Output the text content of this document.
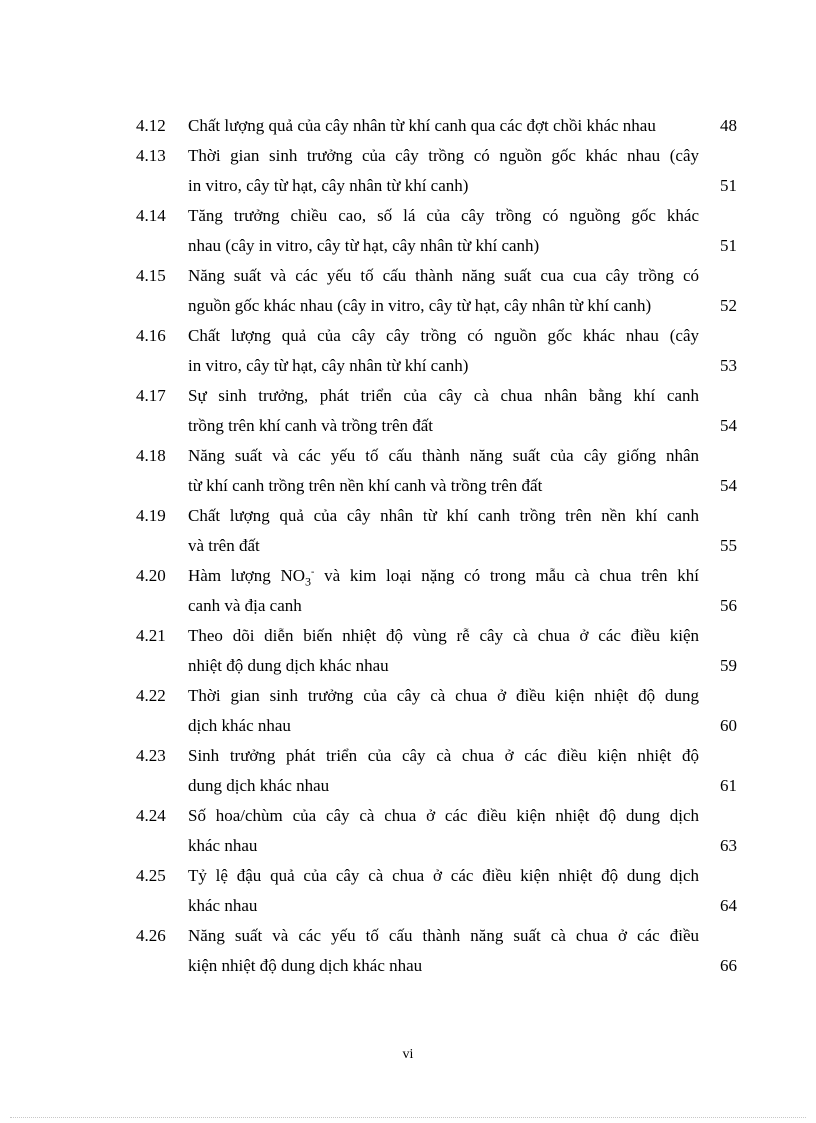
4.12 Chất lượng quả của cây nhân từ khí canh qua các đợt chồi khác nhau	48
4.13 Thời gian sinh trưởng của cây trồng có nguồn gốc khác nhau (cây
in vitro, cây từ hạt, cây nhân từ khí canh)	51
4.14 Tăng trưởng chiều cao, số lá của cây trồng có nguồng gốc khác
nhau (cây in vitro, cây từ hạt, cây nhân từ khí canh)	51
4.15 Năng suất và các yếu tố cấu thành năng suất cua cua cây trồng có
nguồn gốc khác nhau (cây in vitro, cây từ hạt, cây nhân từ khí canh)	52
4.16 Chất lượng quả của cây cây trồng có nguồn gốc khác nhau (cây
in vitro, cây từ hạt, cây nhân từ khí canh)	53
4.17 Sự sinh trưởng, phát triển của cây cà chua nhân bằng khí canh
trồng trên khí canh và trồng trên đất	54
4.18 Năng suất và các yếu tố cấu thành năng suất của cây giống nhân
từ khí canh trồng trên nền khí canh và trồng trên đất	54
4.19 Chất lượng quả của cây nhân từ khí canh trồng trên nền khí canh
và trên đất	55
4.20 Hàm lượng $NO_3^-$ và kim loại nặng có trong mẫu cà chua trên khí
canh và địa canh	56
4.21 Theo dõi diễn biến nhiệt độ vùng rễ cây cà chua ở các điều kiện
nhiệt độ dung dịch khác nhau	59
4.22 Thời gian sinh trưởng của cây cà chua ở điều kiện nhiệt độ dung
dịch khác nhau	60
4.23 Sinh trưởng phát triển của cây cà chua ở các điều kiện nhiệt độ
dung dịch khác nhau	61
4.24 Số hoa/chùm của cây cà chua ở các điều kiện nhiệt độ dung dịch
khác nhau	63
4.25 Tỷ lệ đậu quả của cây cà chua ở các điều kiện nhiệt độ dung dịch
khác nhau	64
4.26 Năng suất và các yếu tố cấu thành năng suất cà chua ở các điều
kiện nhiệt độ dung dịch khác nhau	66
vi
